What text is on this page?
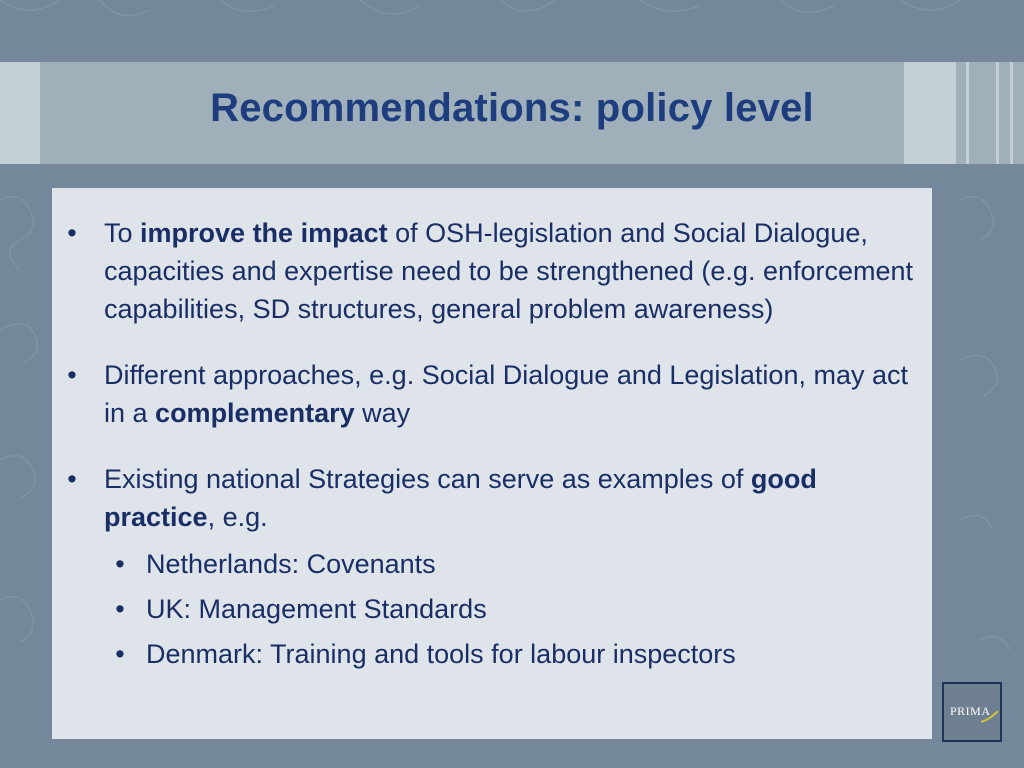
Recommendations: policy level
• To improve the impact of OSH-legislation and Social Dialogue, capacities and expertise need to be strengthened (e.g. enforcement capabilities, SD structures, general problem awareness)
• Different approaches, e.g. Social Dialogue and Legislation, may act in a complementary way
• Existing national Strategies can serve as examples of good practice, e.g.
• Netherlands: Covenants
• UK: Management Standards
• Denmark: Training and tools for labour inspectors
PRIMA
